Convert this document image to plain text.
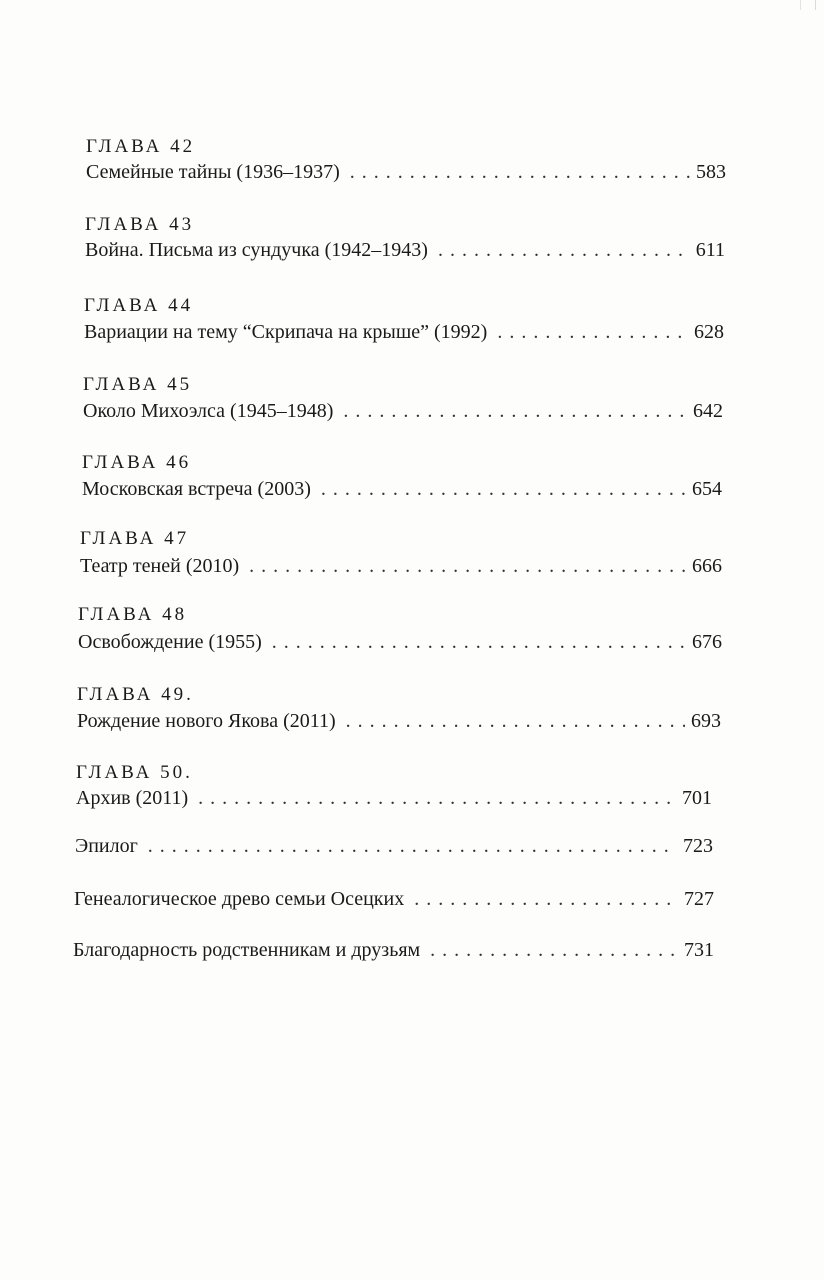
ГЛАВА 42
Семейные тайны (1936–1937) . . .	583
ГЛАВА 43
Война. Письма из сундучка (1942–1943) . . .	611
ГЛАВА 44
Вариации на тему “Скрипача на крыше” (1992) . . .	628
ГЛАВА 45
Около Михоэлса (1945–1948) . . .	642
ГЛАВА 46
Московская встреча (2003) . . .	654
ГЛАВА 47
Театр теней (2010) . . .	666
ГЛАВА 48
Освобождение (1955) . . .	676
ГЛАВА 49.
Рождение нового Якова (2011) . . .	693
ГЛАВА 50.
Архив (2011) . . .	701
Эпилог . . .	723
Генеалогическое древо семьи Осецких . . .	727
Благодарность родственникам и друзьям . . .	731
